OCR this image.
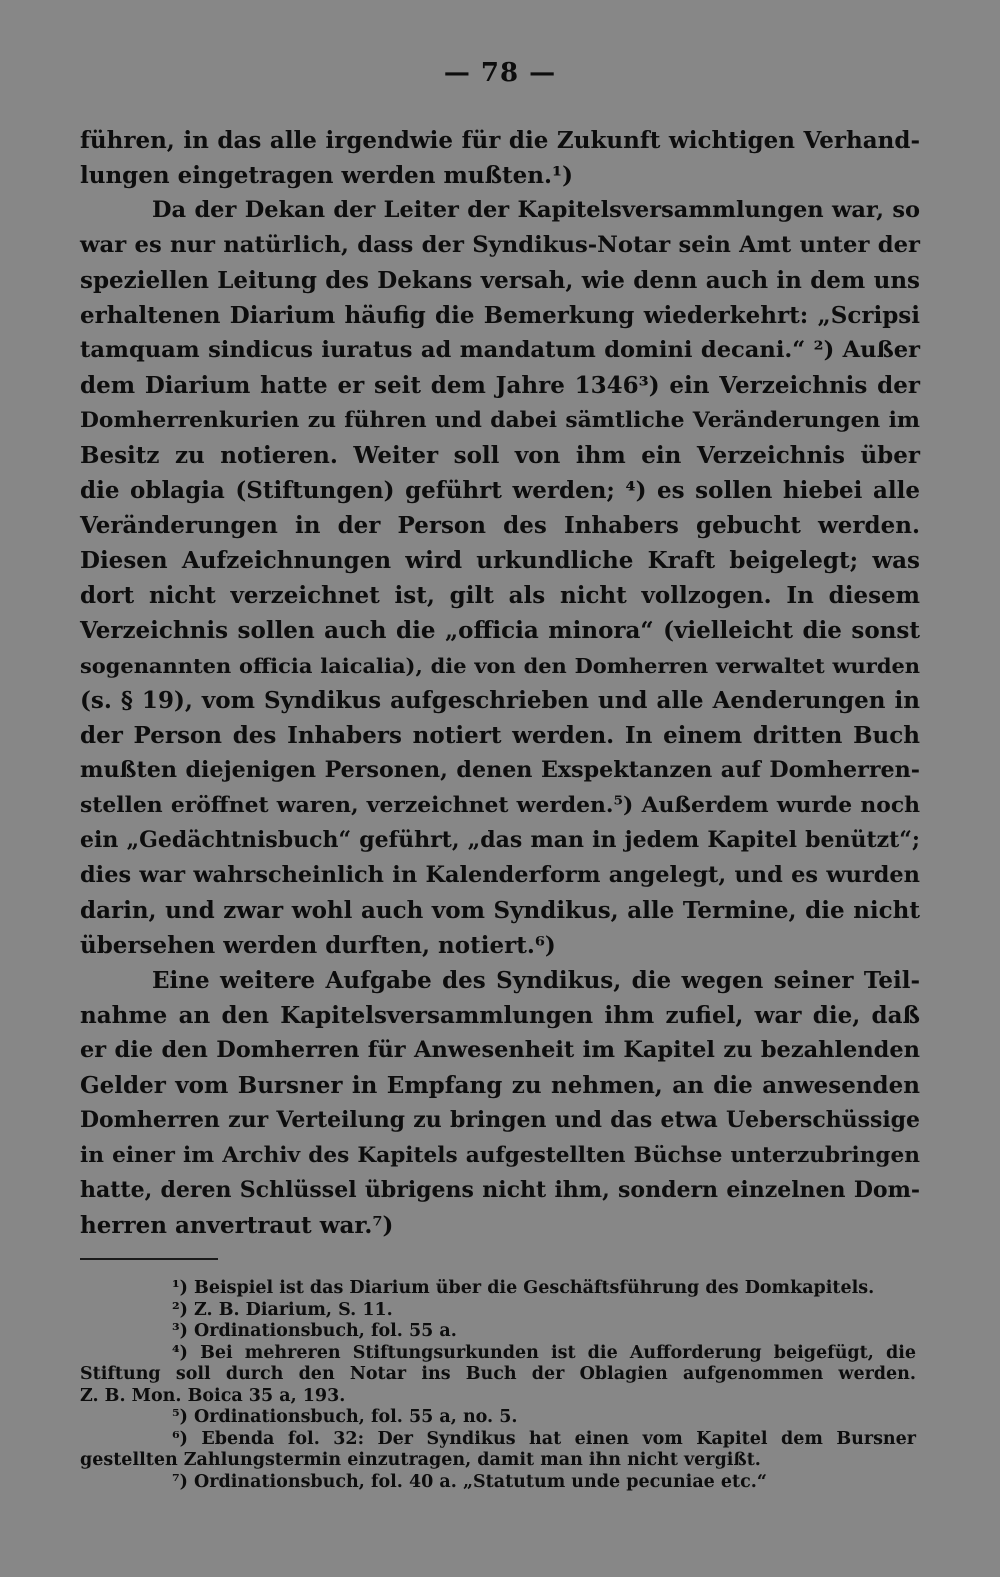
— 78 —
führen, in das alle irgendwie für die Zukunft wichtigen Verhand-
lungen eingetragen werden mußten.¹)
Da der Dekan der Leiter der Kapitelsversammlungen war, so
war es nur natürlich, dass der Syndikus-Notar sein Amt unter der
speziellen Leitung des Dekans versah, wie denn auch in dem uns
erhaltenen Diarium häufig die Bemerkung wiederkehrt: „Scripsi
tamquam sindicus iuratus ad mandatum domini decani.“ ²) Außer
dem Diarium hatte er seit dem Jahre 1346³) ein Verzeichnis der
Domherrenkurien zu führen und dabei sämtliche Veränderungen im
Besitz zu notieren. Weiter soll von ihm ein Verzeichnis über
die oblagia (Stiftungen) geführt werden; ⁴) es sollen hiebei alle
Veränderungen in der Person des Inhabers gebucht werden.
Diesen Aufzeichnungen wird urkundliche Kraft beigelegt; was
dort nicht verzeichnet ist, gilt als nicht vollzogen. In diesem
Verzeichnis sollen auch die „officia minora“ (vielleicht die sonst
sogenannten officia laicalia), die von den Domherren verwaltet wurden
(s. § 19), vom Syndikus aufgeschrieben und alle Aenderungen in
der Person des Inhabers notiert werden. In einem dritten Buch
mußten diejenigen Personen, denen Exspektanzen auf Domherren-
stellen eröffnet waren, verzeichnet werden.⁵) Außerdem wurde noch
ein „Gedächtnisbuch“ geführt, „das man in jedem Kapitel benützt“;
dies war wahrscheinlich in Kalenderform angelegt, und es wurden
darin, und zwar wohl auch vom Syndikus, alle Termine, die nicht
übersehen werden durften, notiert.⁶)
Eine weitere Aufgabe des Syndikus, die wegen seiner Teil-
nahme an den Kapitelsversammlungen ihm zufiel, war die, daß
er die den Domherren für Anwesenheit im Kapitel zu bezahlenden
Gelder vom Bursner in Empfang zu nehmen, an die anwesenden
Domherren zur Verteilung zu bringen und das etwa Ueberschüssige
in einer im Archiv des Kapitels aufgestellten Büchse unterzubringen
hatte, deren Schlüssel übrigens nicht ihm, sondern einzelnen Dom-
herren anvertraut war.⁷)
¹) Beispiel ist das Diarium über die Geschäftsführung des Domkapitels.
²) Z. B. Diarium, S. 11.
³) Ordinationsbuch, fol. 55 a.
⁴) Bei mehreren Stiftungsurkunden ist die Aufforderung beigefügt, die
Stiftung soll durch den Notar ins Buch der Oblagien aufgenommen werden.
Z. B. Mon. Boica 35 a, 193.
⁵) Ordinationsbuch, fol. 55 a, no. 5.
⁶) Ebenda fol. 32: Der Syndikus hat einen vom Kapitel dem Bursner
gestellten Zahlungstermin einzutragen, damit man ihn nicht vergißt.
⁷) Ordinationsbuch, fol. 40 a. „Statutum unde pecuniae etc.“
